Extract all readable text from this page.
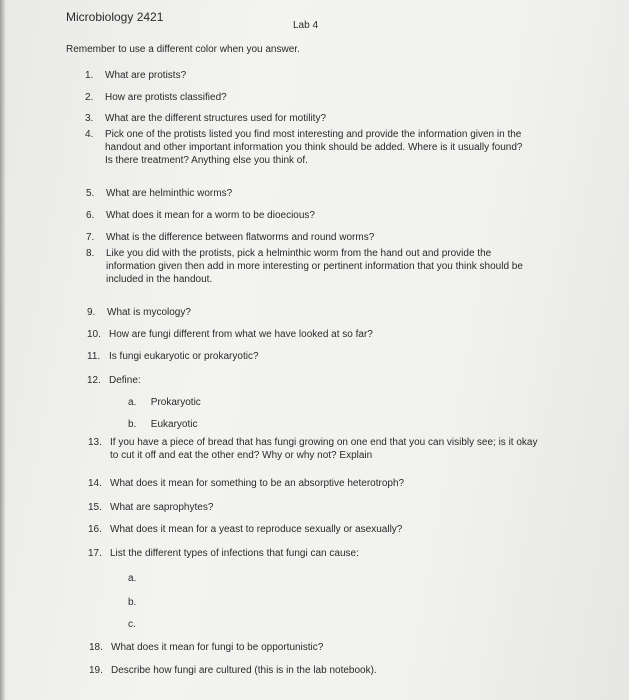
Microbiology 2421
Lab 4
Remember to use a different color when you answer.
1.	What are protists?
2.	How are protists classified?
3.	What are the different structures used for motility?
4.	Pick one of the protists listed you find most interesting and provide the information given in the
handout and other important information you think should be added. Where is it usually found?
Is there treatment? Anything else you think of.
5.	What are helminthic worms?
6.	What does it mean for a worm to be dioecious?
7.	What is the difference between flatworms and round worms?
8.	Like you did with the protists, pick a helminthic worm from the hand out and provide the
information given then add in more interesting or pertinent information that you think should be
included in the handout.
9.	What is mycology?
10. How are fungi different from what we have looked at so far?
11. Is fungi eukaryotic or prokaryotic?
12. Define:
a. Prokaryotic
b. Eukaryotic
13. If you have a piece of bread that has fungi growing on one end that you can visibly see; is it okay
to cut it off and eat the other end? Why or why not? Explain
14. What does it mean for something to be an absorptive heterotroph?
15. What are saprophytes?
16. What does it mean for a yeast to reproduce sexually or asexually?
17. List the different types of infections that fungi can cause:
a.
b.
c.
18. What does it mean for fungi to be opportunistic?
19. Describe how fungi are cultured (this is in the lab notebook).
